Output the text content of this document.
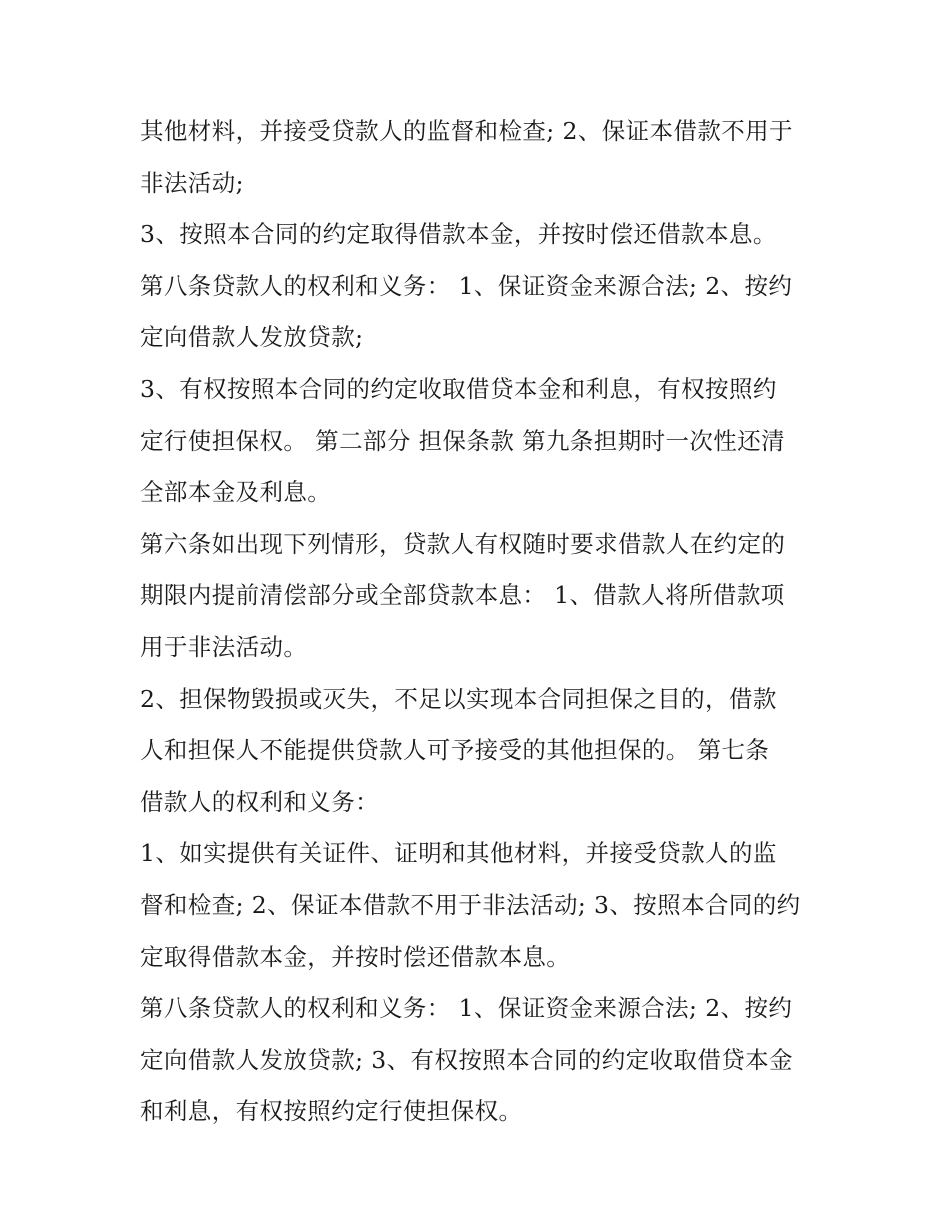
其他材料，并接受贷款人的监督和检查; 2、保证本借款不用于
非法活动;
3、按照本合同的约定取得借款本金，并按时偿还借款本息。
第八条贷款人的权利和义务： 1、保证资金来源合法; 2、按约
定向借款人发放贷款;
3、有权按照本合同的约定收取借贷本金和利息，有权按照约
定行使担保权。 第二部分 担保条款 第九条担期时一次性还清
全部本金及利息。
第六条如出现下列情形，贷款人有权随时要求借款人在约定的
期限内提前清偿部分或全部贷款本息： 1、借款人将所借款项
用于非法活动。
2、担保物毁损或灭失，不足以实现本合同担保之目的，借款
人和担保人不能提供贷款人可予接受的其他担保的。 第七条
借款人的权利和义务：
1、如实提供有关证件、证明和其他材料，并接受贷款人的监
督和检查; 2、保证本借款不用于非法活动; 3、按照本合同的约
定取得借款本金，并按时偿还借款本息。
第八条贷款人的权利和义务： 1、保证资金来源合法; 2、按约
定向借款人发放贷款; 3、有权按照本合同的约定收取借贷本金
和利息，有权按照约定行使担保权。
